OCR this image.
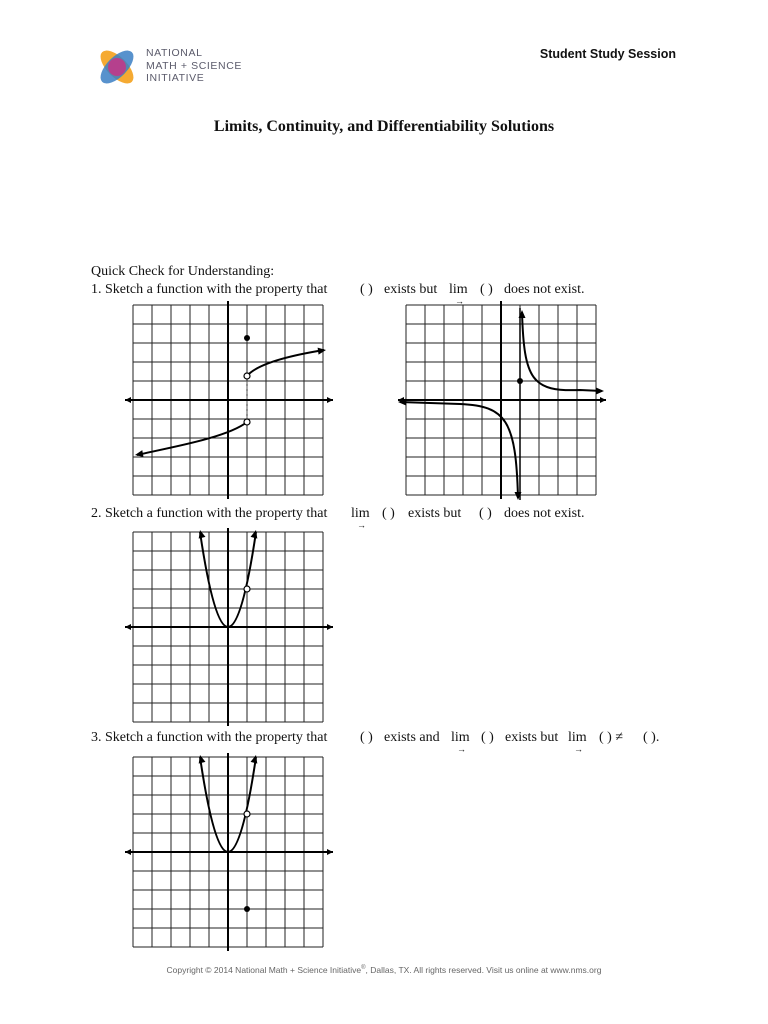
NATIONAL
MATH + SCIENCE
INITIATIVE
Student Study Session
Limits, Continuity, and Differentiability Solutions
Quick Check for Understanding:
1. Sketch a function with the property that ( ) exists but lim
→
( ) does not exist.
2. Sketch a function with the property that lim
→
( ) exists but ( ) does not exist.
3. Sketch a function with the property that ( ) exists and lim
→
( ) exists but lim
→
( ) ≠ ( ).
Copyright © 2014 National Math + Science Initiative®, Dallas, TX. All rights reserved. Visit us online at www.nms.org
